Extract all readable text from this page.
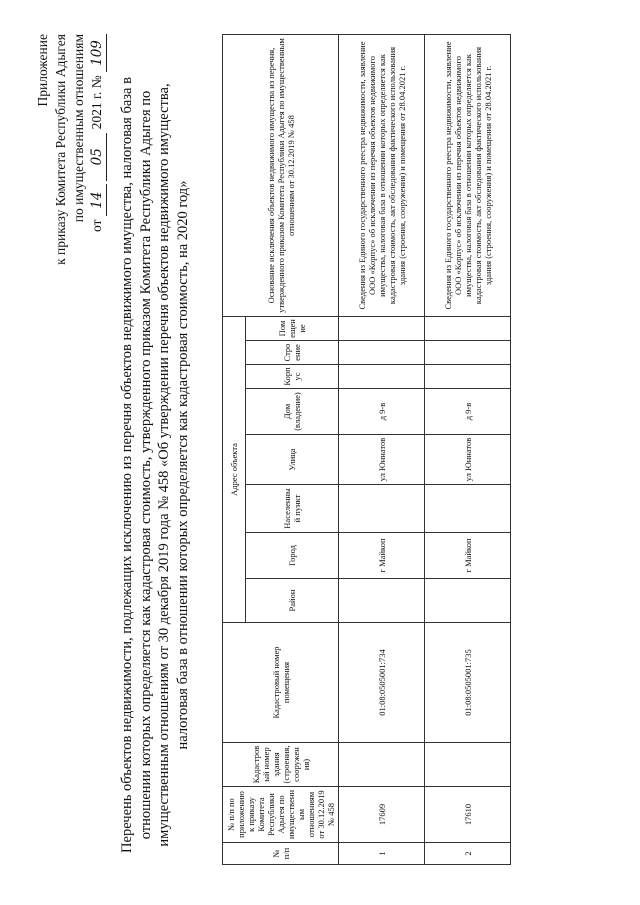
Приложение к приказу Комитета Республики Адыгея по имущественным отношениям
от 14 05 2021 г. № 109
Перечень объектов недвижимости, подлежащих исключению из перечня объектов недвижимого имущества, налоговая база в отношении которых определяется как кадастровая стоимость, утвержденного приказом Комитета Республики Адыгея по имущественным отношениям от 30 декабря 2019 года № 458 «Об утверждении перечня объектов недвижимого имущества, налоговая база в отношении которых определяется как кадастровая стоимость, на 2020 год»
№ п/п	№ п/п по приложению к приказу Комитета Республики Адыгея по имущественным отношениям от 30.12.2019 № 458	Кадастровый номер здания (строения, сооружения)	Кадастровый номер помещения	Адрес объекта								Основание исключения объектов недвижимого имущества из перечня, утвержденного приказом Комитета Республики Адыгея по имущественным отношениям от 30.12.2019 № 458
				Район	Город	Населенный пункт	Улица	Дом (владение)	Корпус	Строение	Помещение	
1	17609		01:08:0505001:734		г Майкоп		ул Юннатов	д 9-в				Сведения из Единого государственного реестра недвижимости, заявление ООО «Корпус» об исключении из перечня объектов недвижимого имущества, налоговая база в отношении которых определяется как кадастровая стоимость, акт обследования фактического использования здания (строения, сооружения) и помещения от 28.04.2021 г.
2	17610		01:08:0505001:735		г Майкоп		ул Юннатов	д 9-в				Сведения из Единого государственного реестра недвижимости, заявление ООО «Корпус» об исключении из перечня объектов недвижимого имущества, налоговая база в отношении которых определяется как кадастровая стоимость, акт обследования фактического использования здания (строения, сооружения) и помещения от 28.04.2021 г.
